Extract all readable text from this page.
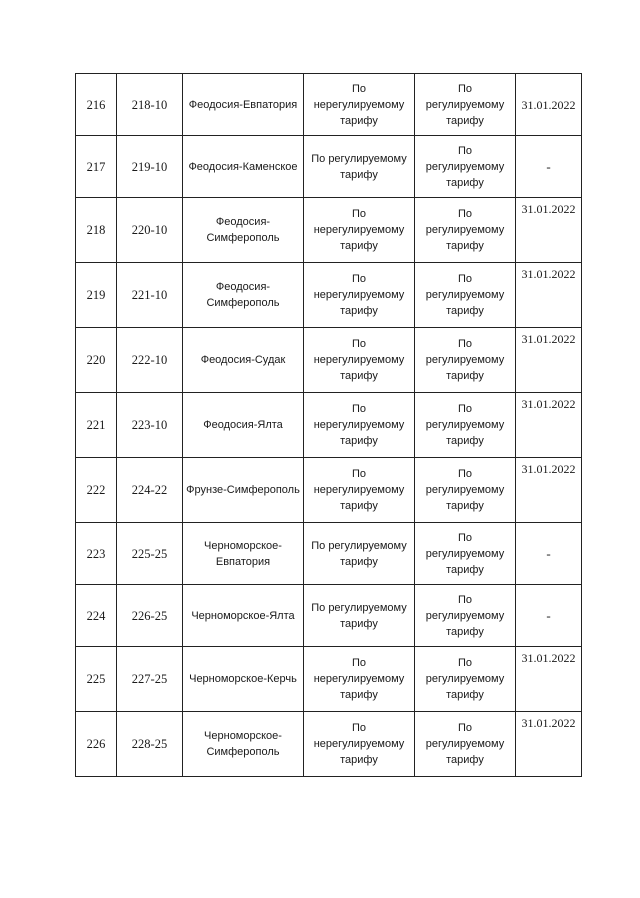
216	218-10	Феодосия-Евпатория	По нерегулируемому тарифу	По регулируемому тарифу	31.01.2022
217	219-10	Феодосия-Каменское	По регулируемому тарифу	По регулируемому тарифу	-
218	220-10	Феодосия-Симферополь	По нерегулируемому тарифу	По регулируемому тарифу	31.01.2022
219	221-10	Феодосия-Симферополь	По нерегулируемому тарифу	По регулируемому тарифу	31.01.2022
220	222-10	Феодосия-Судак	По нерегулируемому тарифу	По регулируемому тарифу	31.01.2022
221	223-10	Феодосия-Ялта	По нерегулируемому тарифу	По регулируемому тарифу	31.01.2022
222	224-22	Фрунзе-Симферополь	По нерегулируемому тарифу	По регулируемому тарифу	31.01.2022
223	225-25	Черноморское-Евпатория	По регулируемому тарифу	По регулируемому тарифу	-
224	226-25	Черноморское-Ялта	По регулируемому тарифу	По регулируемому тарифу	-
225	227-25	Черноморское-Керчь	По нерегулируемому тарифу	По регулируемому тарифу	31.01.2022
226	228-25	Черноморское-Симферополь	По нерегулируемому тарифу	По регулируемому тарифу	31.01.2022
